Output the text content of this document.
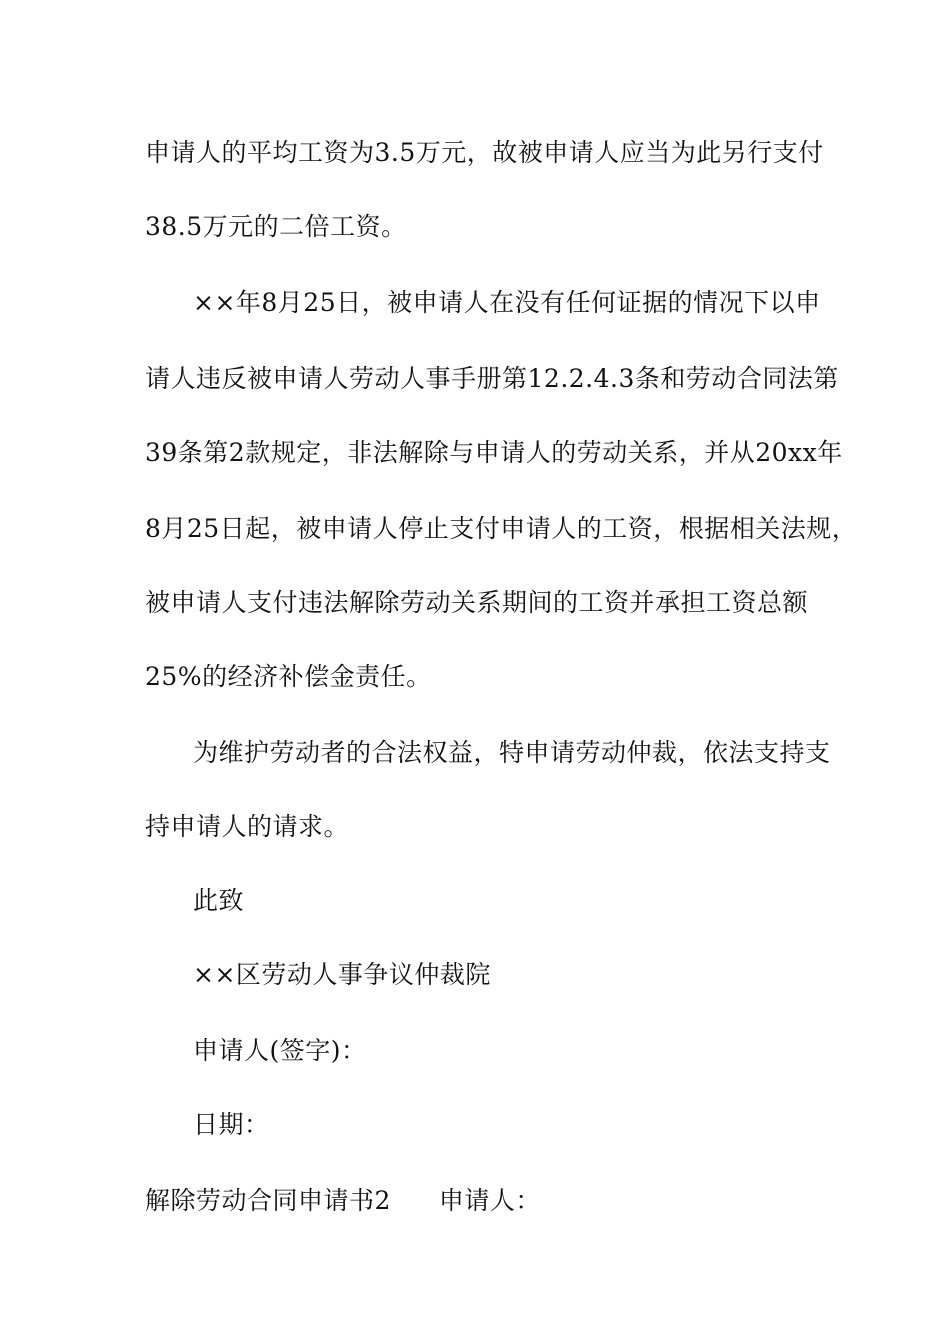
申请人的平均工资为3.5万元，故被申请人应当为此另行支付
38.5万元的二倍工资。
××年8月25日，被申请人在没有任何证据的情况下以申
请人违反被申请人劳动人事手册第12.2.4.3条和劳动合同法第
39条第2款规定，非法解除与申请人的劳动关系，并从20xx年
8月25日起，被申请人停止支付申请人的工资，根据相关法规，
被申请人支付违法解除劳动关系期间的工资并承担工资总额
25%的经济补偿金责任。
为维护劳动者的合法权益，特申请劳动仲裁，依法支持支
持申请人的请求。
此致
××区劳动人事争议仲裁院
申请人(签字)：
日期：
解除劳动合同申请书2 申请人：
